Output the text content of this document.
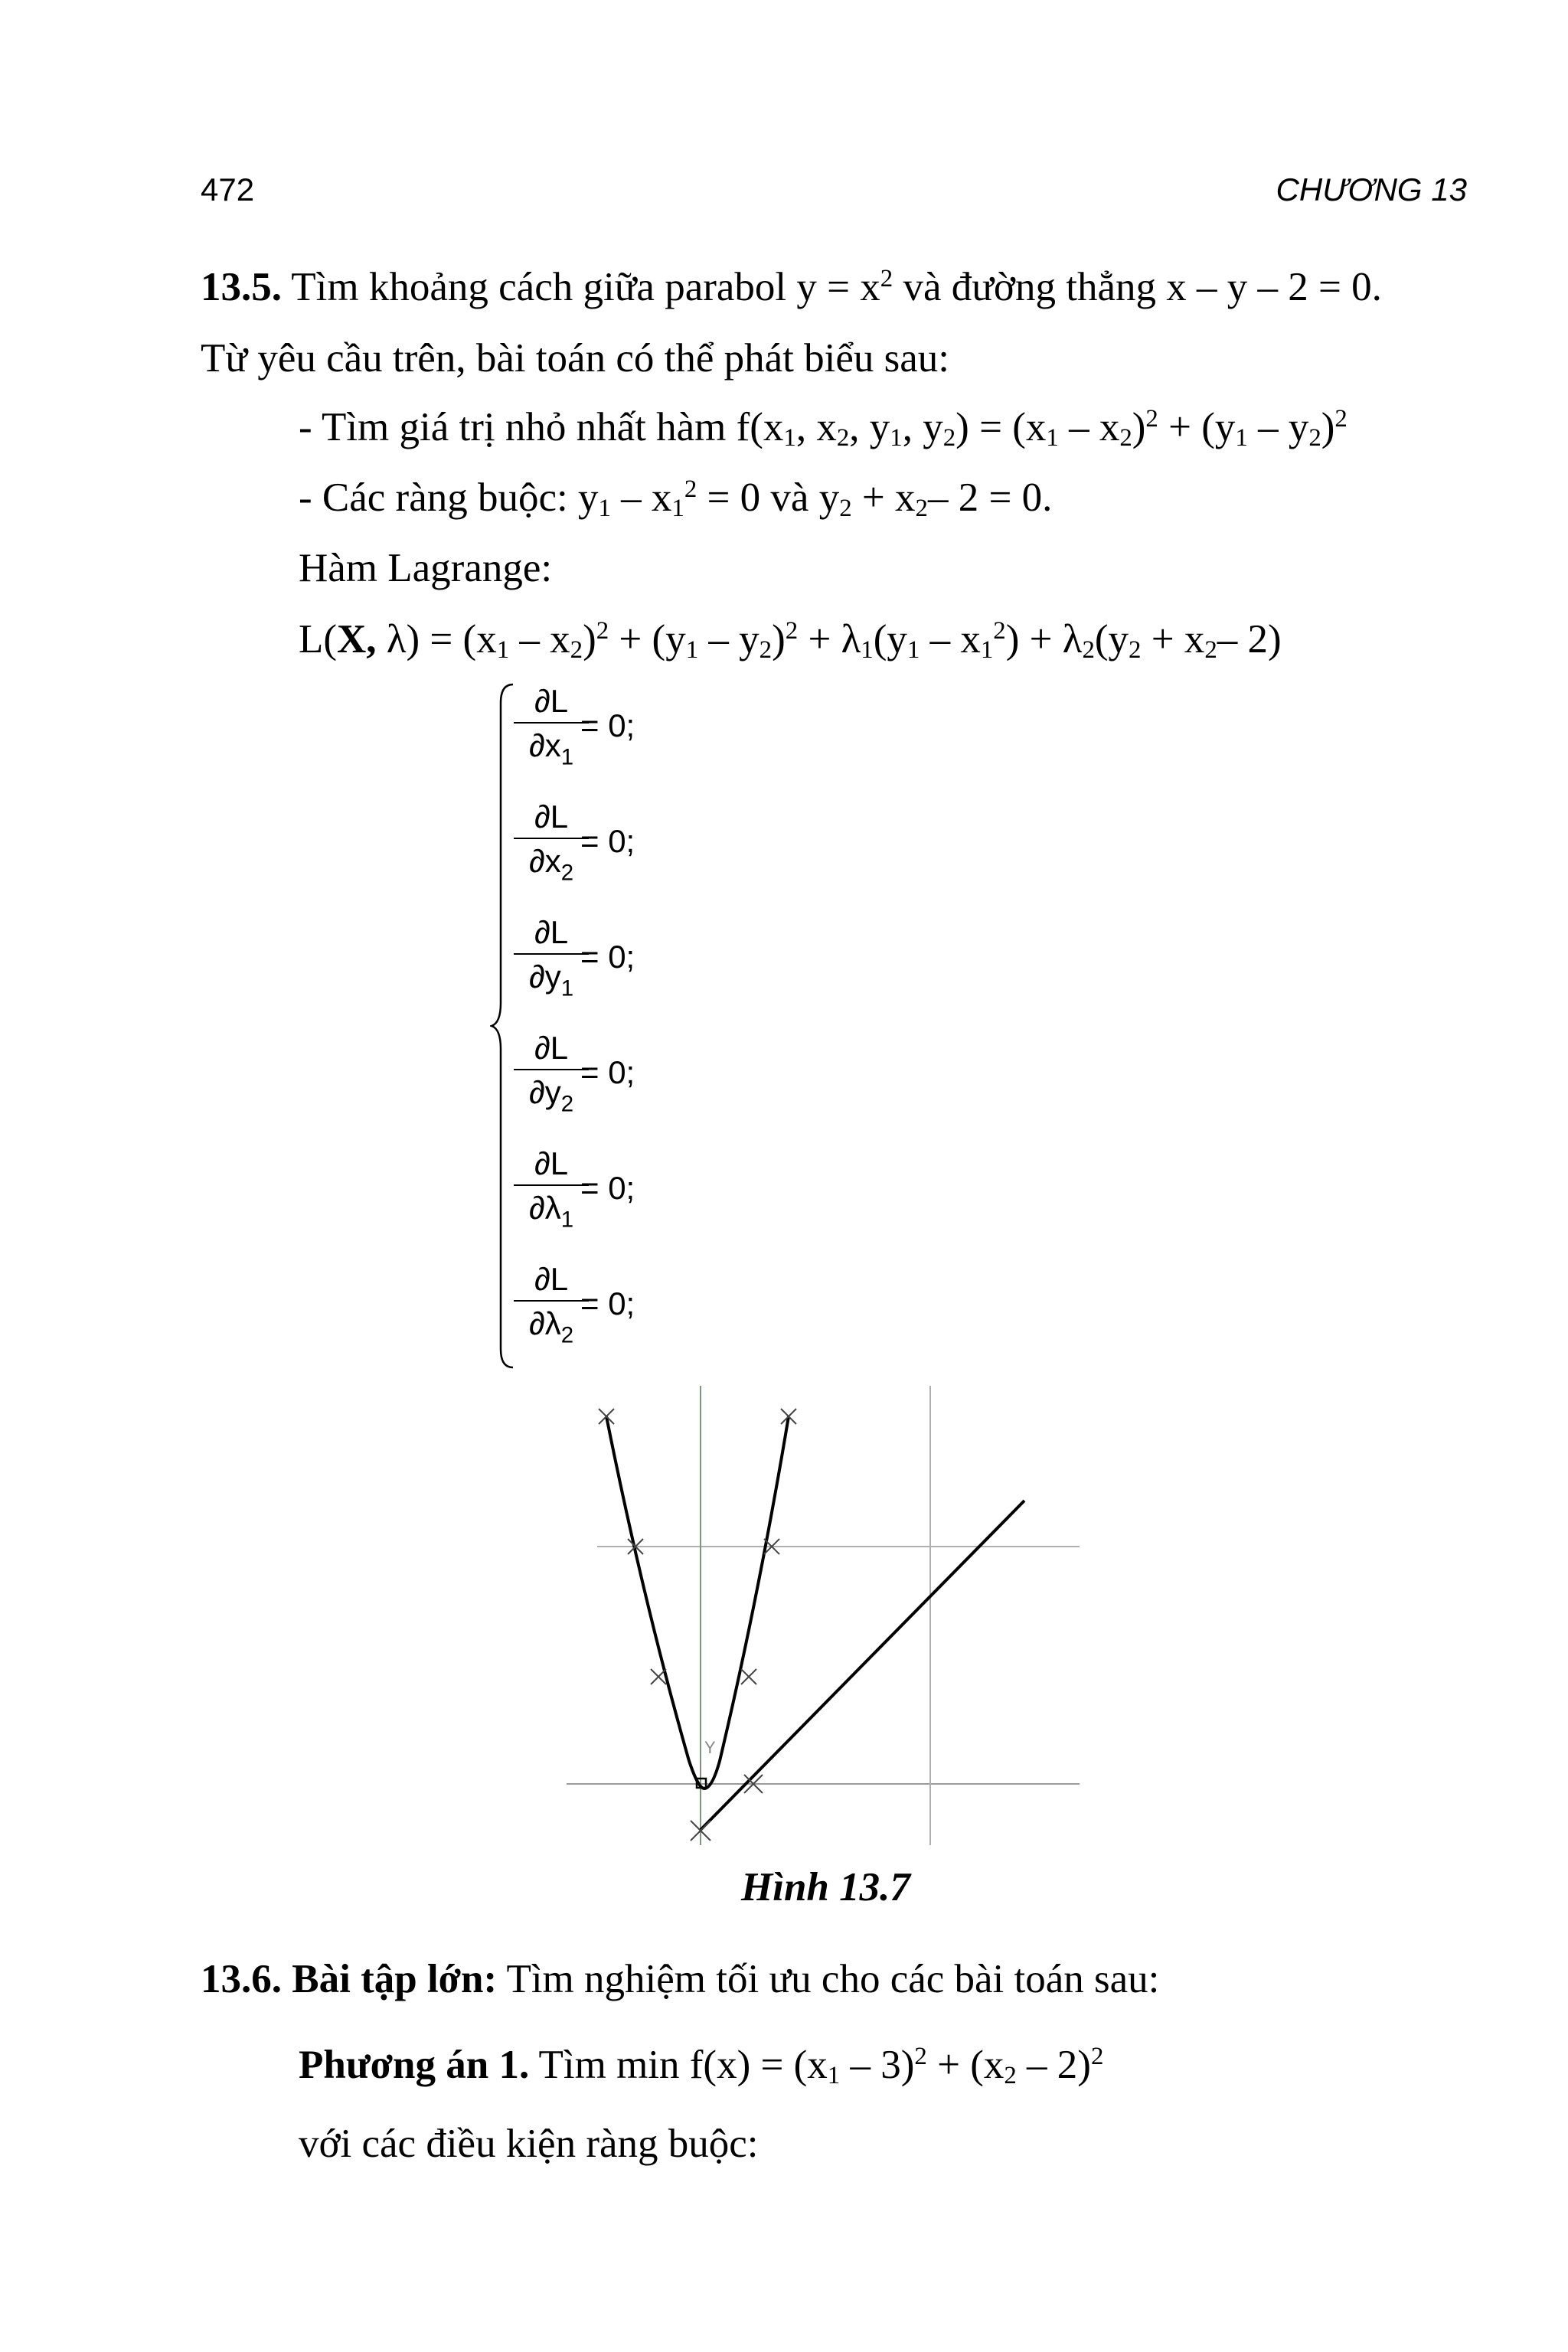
472	CHƯƠNG 13
13.5. Tìm khoảng cách giữa parabol $y = x^2$ và đường thẳng x – y – 2 = 0.
Từ yêu cầu trên, bài toán có thể phát biểu sau:
- Tìm giá trị nhỏ nhất hàm $f(x_1$, $x_2$, $y_1$, $y_2) = (x_1 - x_2)^2 + (y_1 - y_2)^2$
- Các ràng buộc: $y_1 - x_1^2 = 0$ và $y_2 + x_2-$ 2 = 0.
Hàm Lagrange:
L(X, $\lambda) = (x_1 - x_2)^2 + (y_1 - y_2)^2 + \lambda_1(y_1 - x_1^2) + \lambda_2(y_2 + x_2-$ 2)
∂L
$\partial x_1$
= 0;
∂L
$\partial x_2$
= 0;
∂L
$\partial y_1$
= 0;
∂L
$\partial y_2$
= 0;
∂L
$\partial\lambda_1$
= 0;
∂L
$\partial\lambda_2$
= 0;
Y
Hình 13.7
13.6. Bài tập lớn: Tìm nghiệm tối ưu cho các bài toán sau:
Phương án 1. Tìm $\min f(x) = (x_1 - 3)^2 + (x_2 - 2)^2$
với các điều kiện ràng buộc:
